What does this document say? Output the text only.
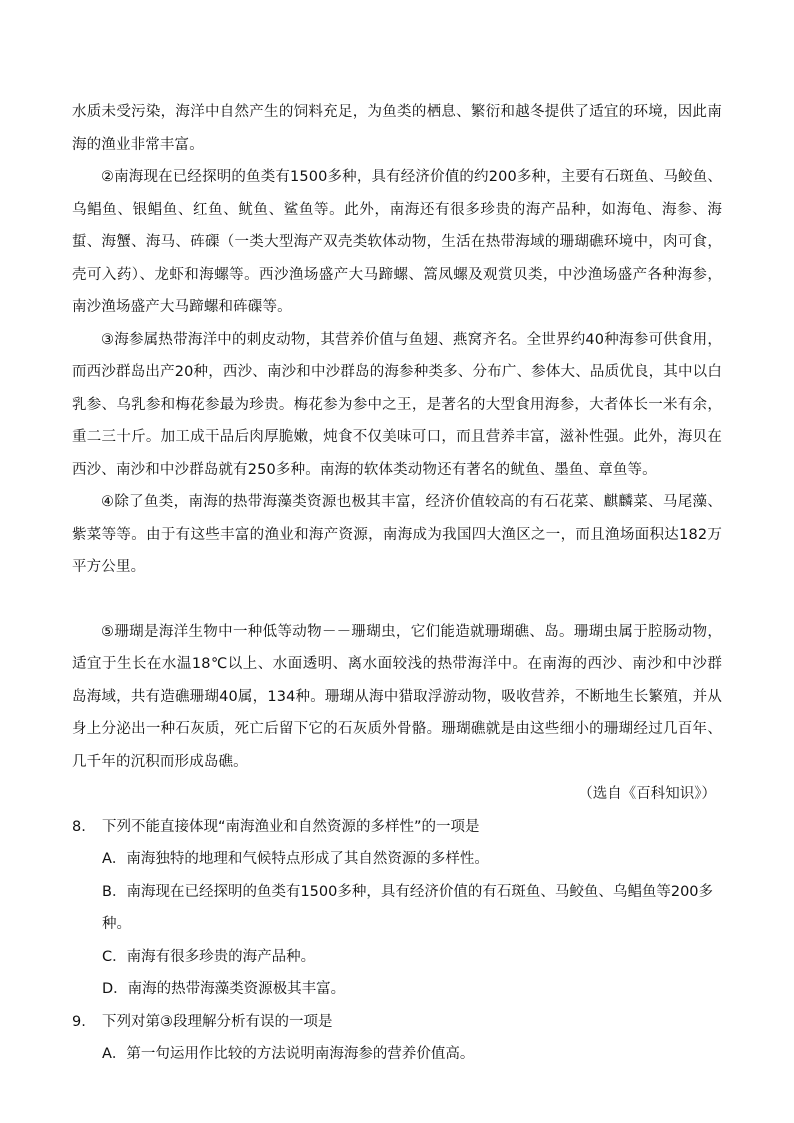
水质未受污染，海洋中自然产生的饲料充足，为鱼类的栖息、繁衍和越冬提供了适宜的环境，因此南海的渔业非常丰富。

②南海现在已经探明的鱼类有1500多种，具有经济价值的约200多种，主要有石斑鱼、马鲛鱼、乌鲳鱼、银鲳鱼、红鱼、鱿鱼、鲨鱼等。此外，南海还有很多珍贵的海产品种，如海龟、海参、海蜇、海蟹、海马、砗磲（一类大型海产双壳类软体动物，生活在热带海域的珊瑚礁环境中，肉可食，壳可入药）、龙虾和海螺等。西沙渔场盛产大马蹄螺、篙凤螺及观赏贝类，中沙渔场盛产各种海参，南沙渔场盛产大马蹄螺和砗磲等。

③海参属热带海洋中的刺皮动物，其营养价值与鱼翅、燕窝齐名。全世界约40种海参可供食用，而西沙群岛出产20种，西沙、南沙和中沙群岛的海参种类多、分布广、参体大、品质优良，其中以白乳参、乌乳参和梅花参最为珍贵。梅花参为参中之王，是著名的大型食用海参，大者体长一米有余，重二三十斤。加工成干品后肉厚脆嫩，炖食不仅美味可口，而且营养丰富，滋补性强。此外，海贝在西沙、南沙和中沙群岛就有250多种。南海的软体类动物还有著名的鱿鱼、墨鱼、章鱼等。

④除了鱼类，南海的热带海藻类资源也极其丰富，经济价值较高的有石花菜、麒麟菜、马尾藻、紫菜等等。由于有这些丰富的渔业和海产资源，南海成为我国四大渔区之一，而且渔场面积达182万平方公里。

⑤珊瑚是海洋生物中一种低等动物－－珊瑚虫，它们能造就珊瑚礁、岛。珊瑚虫属于腔肠动物，适宜于生长在水温18℃以上、水面透明、离水面较浅的热带海洋中。在南海的西沙、南沙和中沙群岛海域，共有造礁珊瑚40属，134种。珊瑚从海中猎取浮游动物，吸收营养，不断地生长繁殖，并从身上分泌出一种石灰质，死亡后留下它的石灰质外骨骼。珊瑚礁就是由这些细小的珊瑚经过几百年、几千年的沉积而形成岛礁。

（选自《百科知识》）

8.	下列不能直接体现“南海渔业和自然资源的多样性”的一项是

A．南海独特的地理和气候特点形成了其自然资源的多样性。

B．南海现在已经探明的鱼类有1500多种，具有经济价值的有石斑鱼、马鲛鱼、乌鲳鱼等200多种。

C．南海有很多珍贵的海产品种。

D．南海的热带海藻类资源极其丰富。

9.	下列对第③段理解分析有误的一项是

A．第一句运用作比较的方法说明南海海参的营养价值高。
